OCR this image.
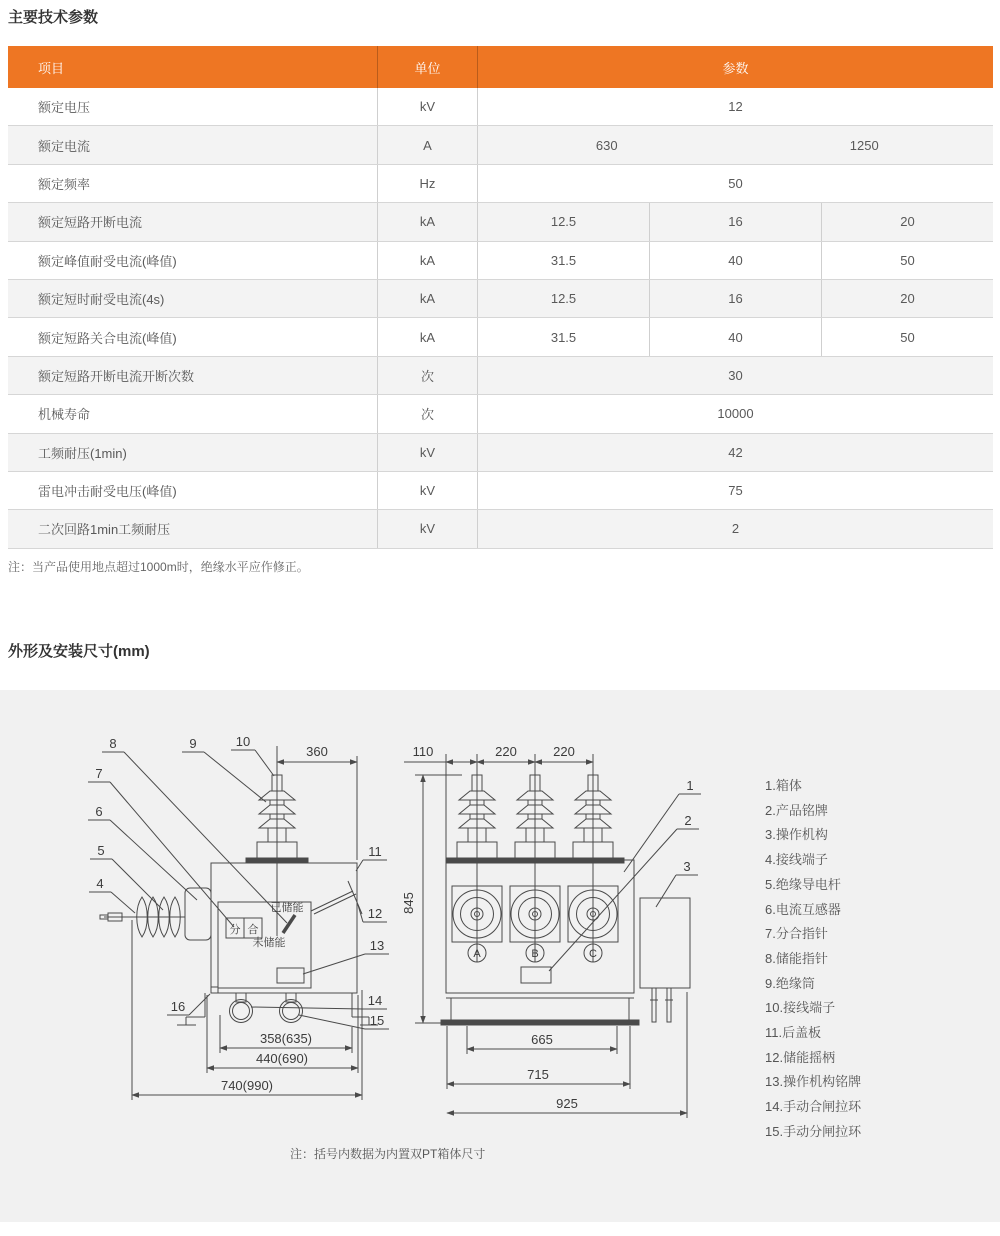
主要技术参数
项目	单位	参数
额定电压	kV	12
额定电流	A	630	1250
额定频率	Hz	50
额定短路开断电流	kA	12.5	16	20
额定峰值耐受电流(峰值)	kA	31.5	40	50
额定短时耐受电流(4s)	kA	12.5	16	20
额定短路关合电流(峰值)	kA	31.5	40	50
额定短路开断电流开断次数	次	30
机械寿命	次	10000
工频耐压(1min)	kV	42
雷电冲击耐受电压(峰值)	kV	75
二次回路1min工频耐压	kV	2
注：当产品使用地点超过1000m时，绝缘水平应作修正。
外形及安装尺寸(mm)
分 合
已储能
未储能
360
358(635)
440(690)
740(990)
4
5
6
7
8	9	10
11
12
13
14
15
16
110	220	220
845
665
715
925
A	B	C
1
2
3
注：括号内数据为内置双PT箱体尺寸
1.箱体
2.产品铭牌
3.操作机构
4.接线端子
5.绝缘导电杆
6.电流互感器
7.分合指针
8.储能指针
9.绝缘筒
10.接线端子
11.后盖板
12.储能摇柄
13.操作机构铭牌
14.手动合闸拉环
15.手动分闸拉环
